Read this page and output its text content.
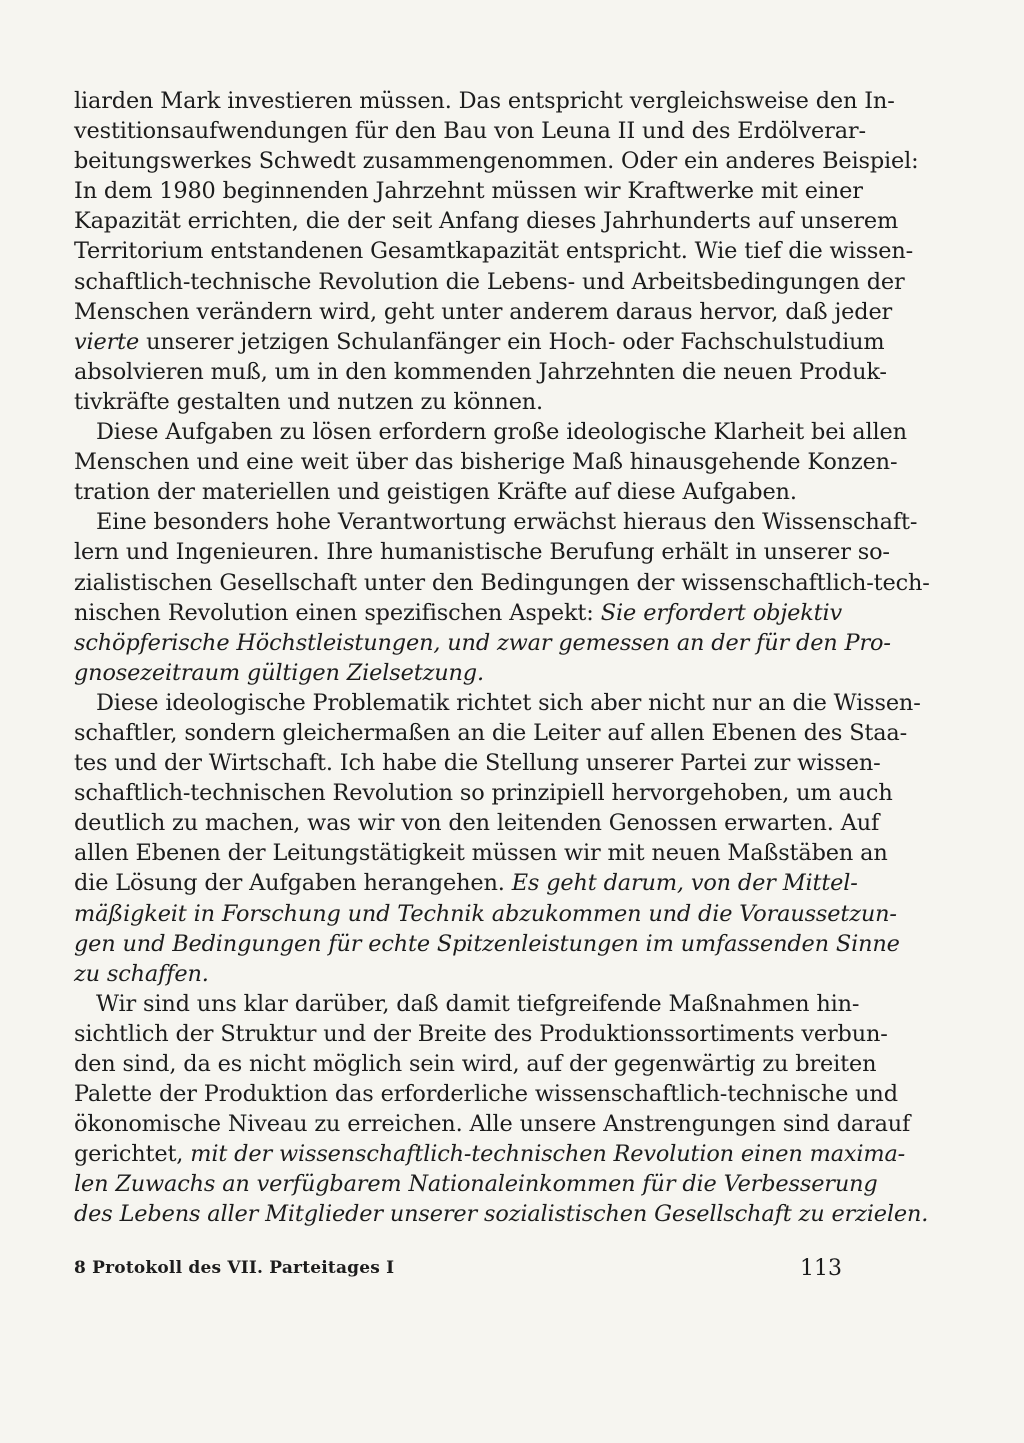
liarden Mark investieren müssen. Das entspricht vergleichsweise den In-
vestitionsaufwendungen für den Bau von Leuna II und des Erdölverar-
beitungswerkes Schwedt zusammengenommen. Oder ein anderes Beispiel:
In dem 1980 beginnenden Jahrzehnt müssen wir Kraftwerke mit einer
Kapazität errichten, die der seit Anfang dieses Jahrhunderts auf unserem
Territorium entstandenen Gesamtkapazität entspricht. Wie tief die wissen-
schaftlich-technische Revolution die Lebens- und Arbeitsbedingungen der
Menschen verändern wird, geht unter anderem daraus hervor, daß jeder
vierte unserer jetzigen Schulanfänger ein Hoch- oder Fachschulstudium
absolvieren muß, um in den kommenden Jahrzehnten die neuen Produk-
tivkräfte gestalten und nutzen zu können.
Diese Aufgaben zu lösen erfordern große ideologische Klarheit bei allen
Menschen und eine weit über das bisherige Maß hinausgehende Konzen-
tration der materiellen und geistigen Kräfte auf diese Aufgaben.
Eine besonders hohe Verantwortung erwächst hieraus den Wissenschaft-
lern und Ingenieuren. Ihre humanistische Berufung erhält in unserer so-
zialistischen Gesellschaft unter den Bedingungen der wissenschaftlich-tech-
nischen Revolution einen spezifischen Aspekt: Sie erfordert objektiv
schöpferische Höchstleistungen, und zwar gemessen an der für den Pro-
gnosezeitraum gültigen Zielsetzung.
Diese ideologische Problematik richtet sich aber nicht nur an die Wissen-
schaftler, sondern gleichermaßen an die Leiter auf allen Ebenen des Staa-
tes und der Wirtschaft. Ich habe die Stellung unserer Partei zur wissen-
schaftlich-technischen Revolution so prinzipiell hervorgehoben, um auch
deutlich zu machen, was wir von den leitenden Genossen erwarten. Auf
allen Ebenen der Leitungstätigkeit müssen wir mit neuen Maßstäben an
die Lösung der Aufgaben herangehen. Es geht darum, von der Mittel-
mäßigkeit in Forschung und Technik abzukommen und die Voraussetzun-
gen und Bedingungen für echte Spitzenleistungen im umfassenden Sinne
zu schaffen.
Wir sind uns klar darüber, daß damit tiefgreifende Maßnahmen hin-
sichtlich der Struktur und der Breite des Produktionssortiments verbun-
den sind, da es nicht möglich sein wird, auf der gegenwärtig zu breiten
Palette der Produktion das erforderliche wissenschaftlich-technische und
ökonomische Niveau zu erreichen. Alle unsere Anstrengungen sind darauf
gerichtet, mit der wissenschaftlich-technischen Revolution einen maxima-
len Zuwachs an verfügbarem Nationaleinkommen für die Verbesserung
des Lebens aller Mitglieder unserer sozialistischen Gesellschaft zu erzielen.
8 Protokoll des VII. Parteitages I	113
